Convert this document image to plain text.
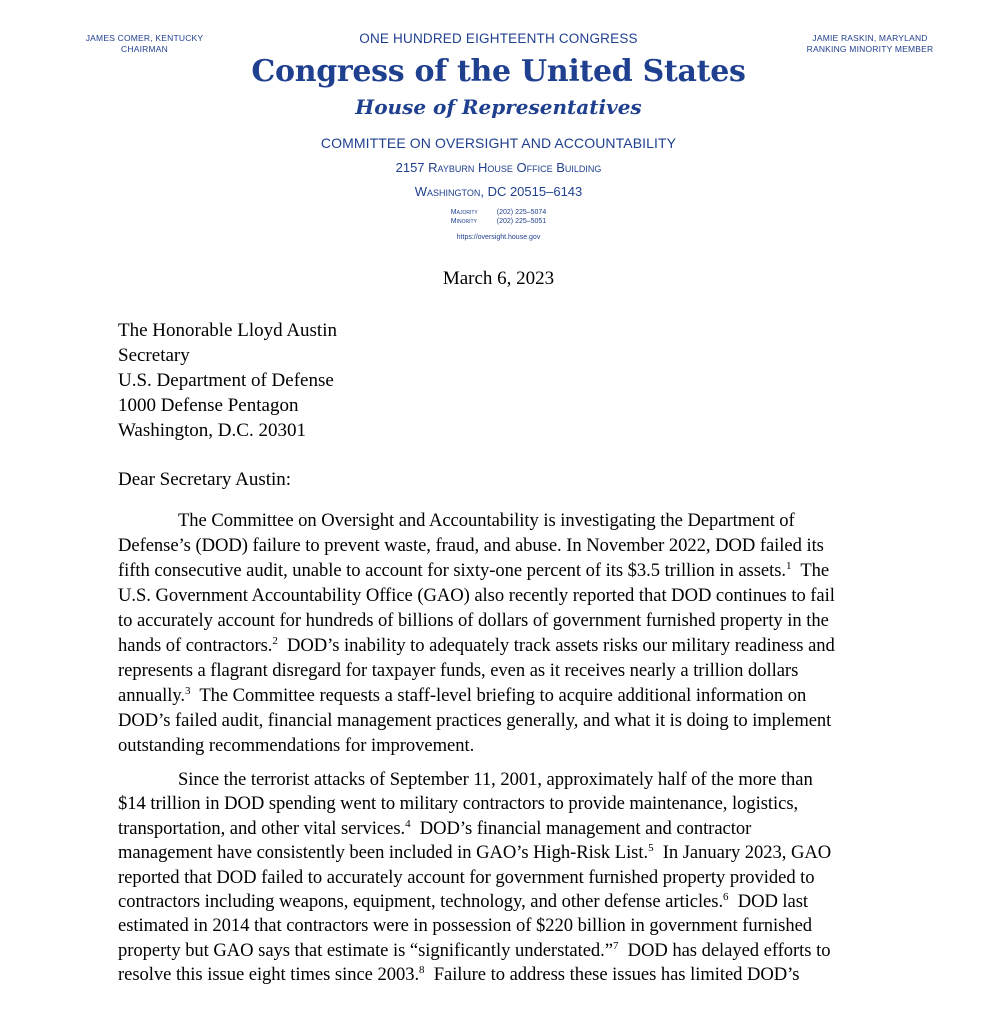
JAMES COMER, KENTUCKY
CHAIRMAN
JAMIE RASKIN, MARYLAND
RANKING MINORITY MEMBER
ONE HUNDRED EIGHTEENTH CONGRESS
Congress of the United States
House of Representatives
COMMITTEE ON OVERSIGHT AND ACCOUNTABILITY
2157 Rayburn House Office Building
Washington, DC 20515–6143
Majority	(202) 225–5074
Minority	(202) 225–5051
https://oversight.house.gov
March 6, 2023
The Honorable Lloyd Austin
Secretary
U.S. Department of Defense
1000 Defense Pentagon
Washington, D.C. 20301
Dear Secretary Austin:
The Committee on Oversight and Accountability is investigating the Department of
Defense’s (DOD) failure to prevent waste, fraud, and abuse. In November 2022, DOD failed its
fifth consecutive audit, unable to account for sixty-one percent of its $3.5 trillion in assets.$^1$  The
U.S. Government Accountability Office (GAO) also recently reported that DOD continues to fail
to accurately account for hundreds of billions of dollars of government furnished property in the
hands of contractors.$^2$  DOD’s inability to adequately track assets risks our military readiness and
represents a flagrant disregard for taxpayer funds, even as it receives nearly a trillion dollars
annually.$^3$  The Committee requests a staff-level briefing to acquire additional information on
DOD’s failed audit, financial management practices generally, and what it is doing to implement
outstanding recommendations for improvement.
Since the terrorist attacks of September 11, 2001, approximately half of the more than
$14 trillion in DOD spending went to military contractors to provide maintenance, logistics,
transportation, and other vital services.$^4$  DOD’s financial management and contractor
management have consistently been included in GAO’s High-Risk List.$^5$  In January 2023, GAO
reported that DOD failed to accurately account for government furnished property provided to
contractors including weapons, equipment, technology, and other defense articles.$^6$  DOD last
estimated in 2014 that contractors were in possession of $220 billion in government furnished
property but GAO says that estimate is “significantly understated.”$^7$  DOD has delayed efforts to
resolve this issue eight times since 2003.$^8$  Failure to address these issues has limited DOD’s
